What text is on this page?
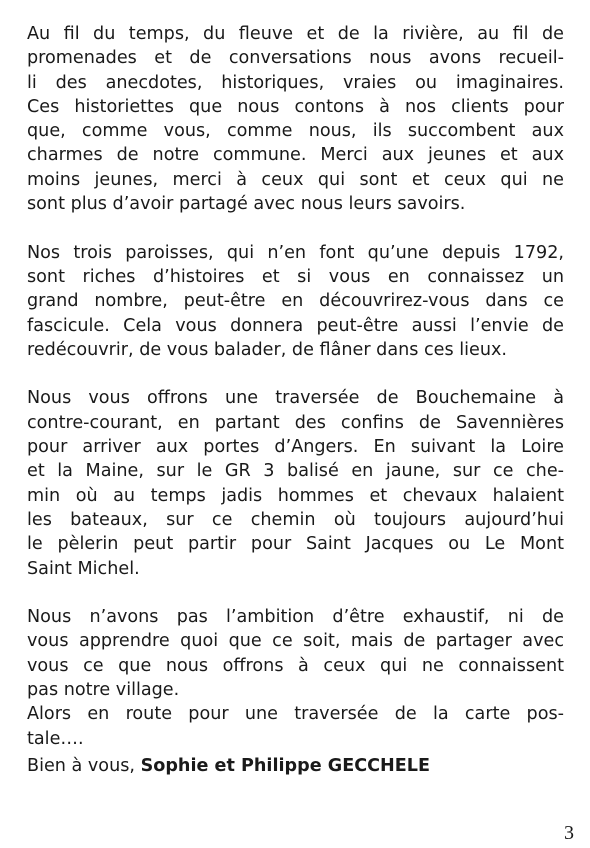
Au fil du temps, du fleuve et de la rivière, au fil de
promenades et de conversations nous avons recueil-
li des anecdotes, historiques, vraies ou imaginaires.
Ces historiettes que nous contons à nos clients pour
que, comme vous, comme nous, ils succombent aux
charmes de notre commune. Merci aux jeunes et aux
moins jeunes, merci à ceux qui sont et ceux qui ne
sont plus d’avoir partagé avec nous leurs savoirs.
Nos trois paroisses, qui n’en font qu’une depuis 1792,
sont riches d’histoires et si vous en connaissez un
grand nombre, peut-être en découvrirez-vous dans ce
fascicule. Cela vous donnera peut-être aussi l’envie de
redécouvrir, de vous balader, de flâner dans ces lieux.
Nous vous offrons une traversée de Bouchemaine à
contre-courant, en partant des confins de Savennières
pour arriver aux portes d’Angers. En suivant la Loire
et la Maine, sur le GR 3 balisé en jaune, sur ce che-
min où au temps jadis hommes et chevaux halaient
les bateaux, sur ce chemin où toujours aujourd’hui
le pèlerin peut partir pour Saint Jacques ou Le Mont
Saint Michel.
Nous n’avons pas l’ambition d’être exhaustif, ni de
vous apprendre quoi que ce soit, mais de partager avec
vous ce que nous offrons à ceux qui ne connaissent
pas notre village.
Alors en route pour une traversée de la carte pos-
tale….
Bien à vous, Sophie et Philippe GECCHELE
3
